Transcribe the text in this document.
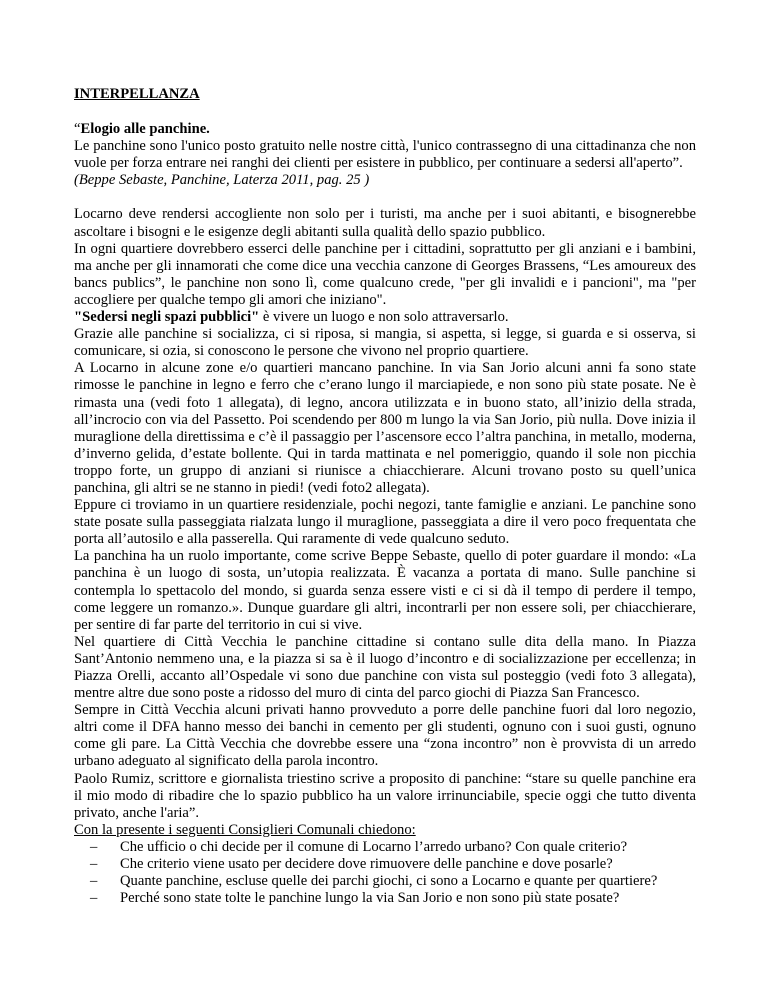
INTERPELLANZA

“Elogio alle panchine.

Le panchine sono l'unico posto gratuito nelle nostre città, l'unico contrassegno di una cittadinanza che non vuole per forza entrare nei ranghi dei clienti per esistere in pubblico, per continuare a sedersi all'aperto”.

(Beppe Sebaste, Panchine, Laterza 2011, pag. 25 )

Locarno deve rendersi accogliente non solo per i turisti, ma anche per i suoi abitanti, e bisognerebbe ascoltare i bisogni e le esigenze degli abitanti sulla qualità dello spazio pubblico.

In ogni quartiere dovrebbero esserci delle panchine per i cittadini, soprattutto per gli anziani e i bambini, ma anche per gli innamorati che come dice una vecchia canzone di Georges Brassens, “Les amoureux des bancs publics”, le panchine non sono lì, come qualcuno crede, "per gli invalidi e i pancioni", ma "per accogliere per qualche tempo gli amori che iniziano".

"Sedersi negli spazi pubblici" è vivere un luogo e non solo attraversarlo.

Grazie alle panchine si socializza, ci si riposa, si mangia, si aspetta, si legge, si guarda e si osserva, si comunicare, si ozia, si conoscono le persone che vivono nel proprio quartiere.

A Locarno in alcune zone e/o quartieri mancano panchine. In via San Jorio alcuni anni fa sono state rimosse le panchine in legno e ferro che c’erano lungo il marciapiede, e non sono più state posate. Ne è rimasta una (vedi foto 1 allegata), di legno, ancora utilizzata e in buono stato, all’inizio della strada, all’incrocio con via del Passetto. Poi scendendo per 800 m lungo la via San Jorio, più nulla. Dove inizia il muraglione della direttissima e c’è il passaggio per l’ascensore ecco l’altra panchina, in metallo, moderna, d’inverno gelida, d’estate bollente. Qui in tarda mattinata e nel pomeriggio, quando il sole non picchia troppo forte, un gruppo di anziani si riunisce a chiacchierare. Alcuni trovano posto su quell’unica panchina, gli altri se ne stanno in piedi! (vedi foto2 allegata).

Eppure ci troviamo in un quartiere residenziale, pochi negozi, tante famiglie e anziani. Le panchine sono state posate sulla passeggiata rialzata lungo il muraglione, passeggiata a dire il vero poco frequentata che porta all’autosilo e alla passerella. Qui raramente di vede qualcuno seduto.

La panchina ha un ruolo importante, come scrive Beppe Sebaste, quello di poter guardare il mondo: «La panchina è un luogo di sosta, un’utopia realizzata. È vacanza a portata di mano. Sulle panchine si contempla lo spettacolo del mondo, si guarda senza essere visti e ci si dà il tempo di perdere il tempo, come leggere un romanzo.». Dunque guardare gli altri, incontrarli per non essere soli, per chiacchierare, per sentire di far parte del territorio in cui si vive.

Nel quartiere di Città Vecchia le panchine cittadine si contano sulle dita della mano. In Piazza Sant’Antonio nemmeno una, e la piazza si sa è il luogo d’incontro e di socializzazione per eccellenza; in Piazza Orelli, accanto all’Ospedale vi sono due panchine con vista sul posteggio (vedi foto 3 allegata), mentre altre due sono poste a ridosso del muro di cinta del parco giochi di Piazza San Francesco.

Sempre in Città Vecchia alcuni privati hanno provveduto a porre delle panchine fuori dal loro negozio, altri come il DFA hanno messo dei banchi in cemento per gli studenti, ognuno con i suoi gusti, ognuno come gli pare. La Città Vecchia che dovrebbe essere una “zona incontro” non è provvista di un arredo urbano adeguato al significato della parola incontro.

Paolo Rumiz, scrittore e giornalista triestino scrive a proposito di panchine: “stare su quelle panchine era il mio modo di ribadire che lo spazio pubblico ha un valore irrinunciabile, specie oggi che tutto diventa privato, anche l'aria”.

Con la presente i seguenti Consiglieri Comunali chiedono:

–	Che ufficio o chi decide per il comune di Locarno l’arredo urbano? Con quale criterio?
–	Che criterio viene usato per decidere dove rimuovere delle panchine e dove posarle?
–	Quante panchine, escluse quelle dei parchi giochi, ci sono a Locarno e quante per quartiere?
–	Perché sono state tolte le panchine lungo la via San Jorio e non sono più state posate?
